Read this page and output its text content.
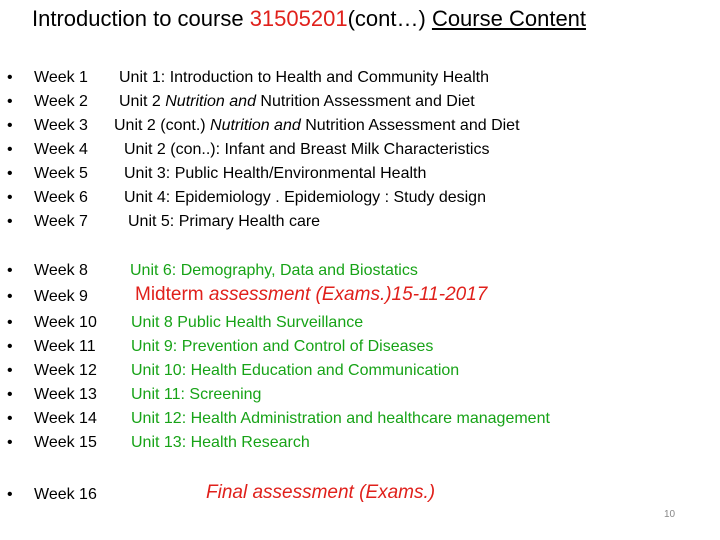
Introduction to course 31505201(cont…) Course Content
• Week 1 Unit 1: Introduction to Health and Community Health
• Week 2 Unit 2 Nutrition and Nutrition Assessment and Diet
• Week 3 Unit 2 (cont.) Nutrition and Nutrition Assessment and Diet
• Week 4 Unit 2 (con..): Infant and Breast Milk Characteristics
• Week 5 Unit 3: Public Health/Environmental Health
• Week 6 Unit 4: Epidemiology . Epidemiology : Study design
• Week 7	Unit 5: Primary Health care
• Week 8	Unit 6: Demography, Data and Biostatics
• Week 9 Midterm assessment (Exams.)15-11-2017
• Week 10 Unit 8 Public Health Surveillance
• Week 11 Unit 9: Prevention and Control of Diseases
• Week 12 Unit 10: Health Education and Communication
• Week 13 Unit 11: Screening
• Week 14 Unit 12: Health Administration and healthcare management
• Week 15 Unit 13: Health Research
• Week 16	Final assessment (Exams.)
10
